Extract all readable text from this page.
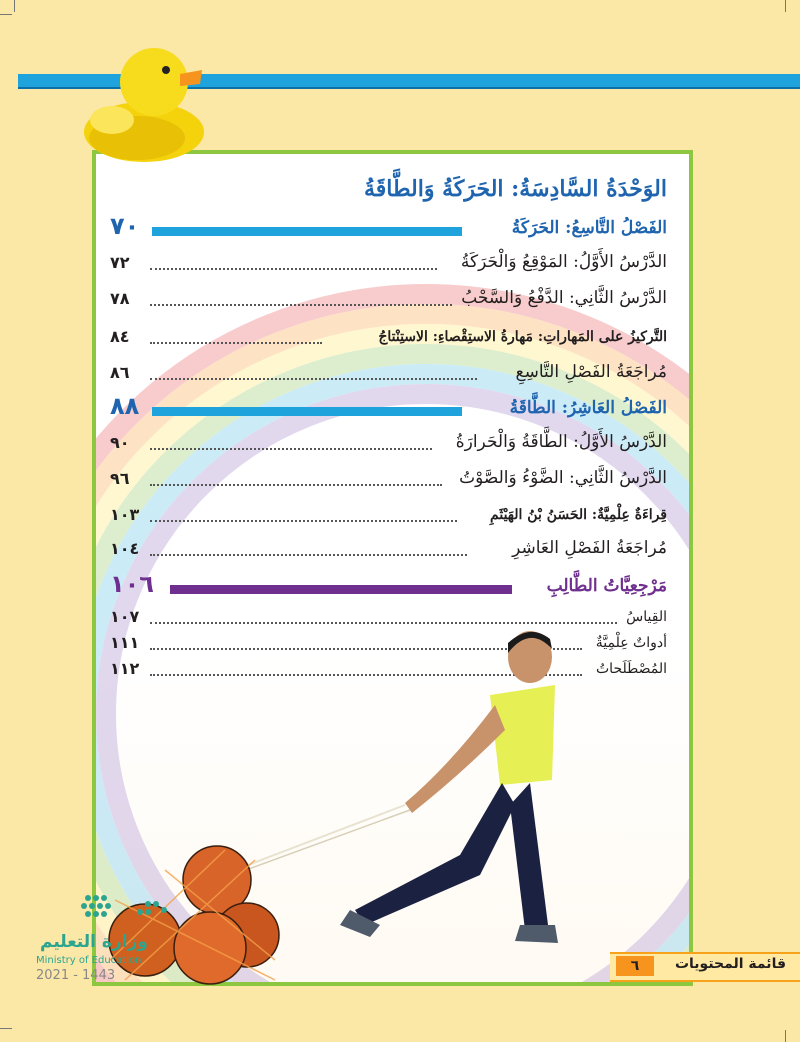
الوَحْدَةُ السَّادِسَةُ: الحَرَكَةُ وَالطَّاقَةُ
الفَصْلُ التَّاسِعُ: الحَرَكَةُ
٧٠
الدَّرْسُ الأَوَّلُ: المَوْقِعُ وَالْحَرَكَةُ
٧٢
الدَّرْسُ الثَّانِي: الدَّفْعُ وَالسَّحْبُ
٧٨
التَّركيزُ على المَهاراتِ: مَهارةُ الاستِقْصاءِ: الاستِنْتاجُ
٨٤
مُراجَعَةُ الفَصْلِ التَّاسِعِ
٨٦
الفَصْلُ العَاشِرُ: الطَّاقَةُ
٨٨
الدَّرْسُ الأَوَّلُ: الطَّاقَةُ وَالْحَرارَةُ
٩٠
الدَّرْسُ الثَّانِي: الضَّوْءُ وَالصَّوْتُ
٩٦
قِراءَةٌ عِلْمِيَّةٌ: الحَسَنُ بْنُ الهَيْثَمِ
١٠٣
مُراجَعَةُ الفَصْلِ العَاشِرِ
١٠٤
مَرْجِعِيَّاتُ الطَّالِبِ
١٠٦
القِياسُ
١٠٧
أدواتٌ عِلْمِيَّةٌ
١١١
المُصْطَلَحاتُ
١١٢
وزارة التعليم
Ministry of Education
2021 - 1443
٦	قائمة المحتويات
